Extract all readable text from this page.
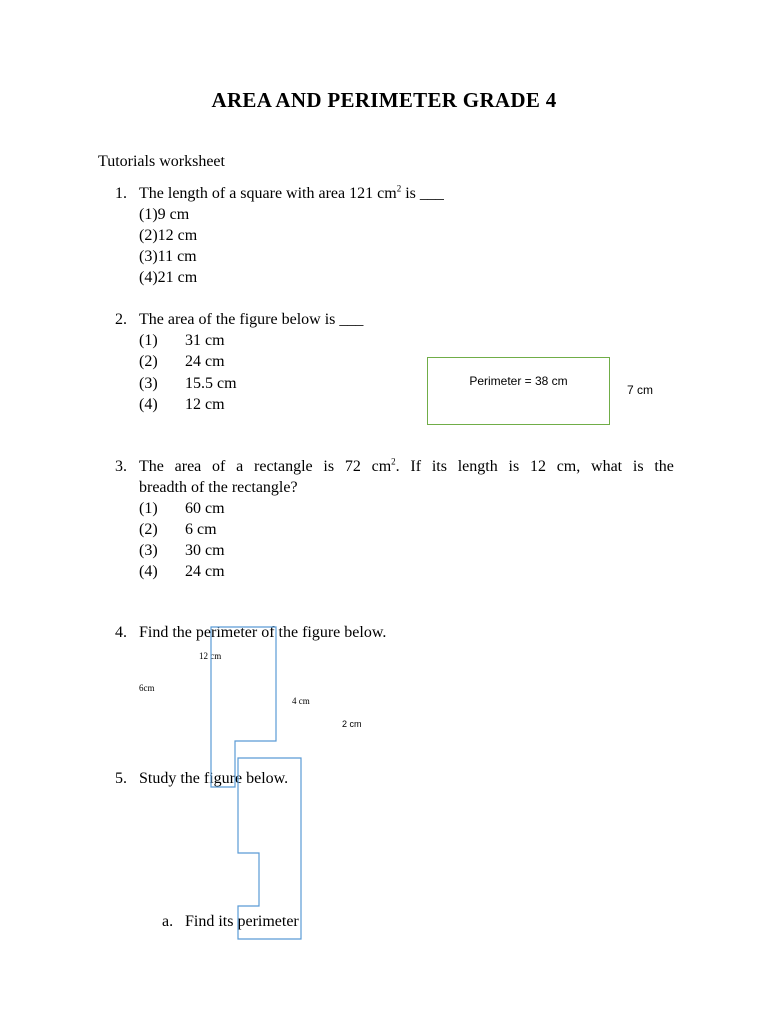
AREA AND PERIMETER GRADE 4
Tutorials worksheet
1. The length of a square with area 121 $cm^2$ is ___
(1)9 cm
(2)12 cm
(3)11 cm
(4)21 cm
2. The area of the figure below is ___
(1) 31 cm
(2) 24 cm
(3) 15.5 cm
(4) 12 cm
Perimeter = 38 cm
7 cm
3. The area of a rectangle is 72 $cm^2$. If its length is 12 cm, what is the
breadth of the rectangle?
(1) 60 cm
(2) 6 cm
(3) 30 cm
(4) 24 cm
4. Find the perimeter of the figure below.
12 cm
6cm
4 cm
2 cm
5. Study the figure below.
a. Find its perimeter
